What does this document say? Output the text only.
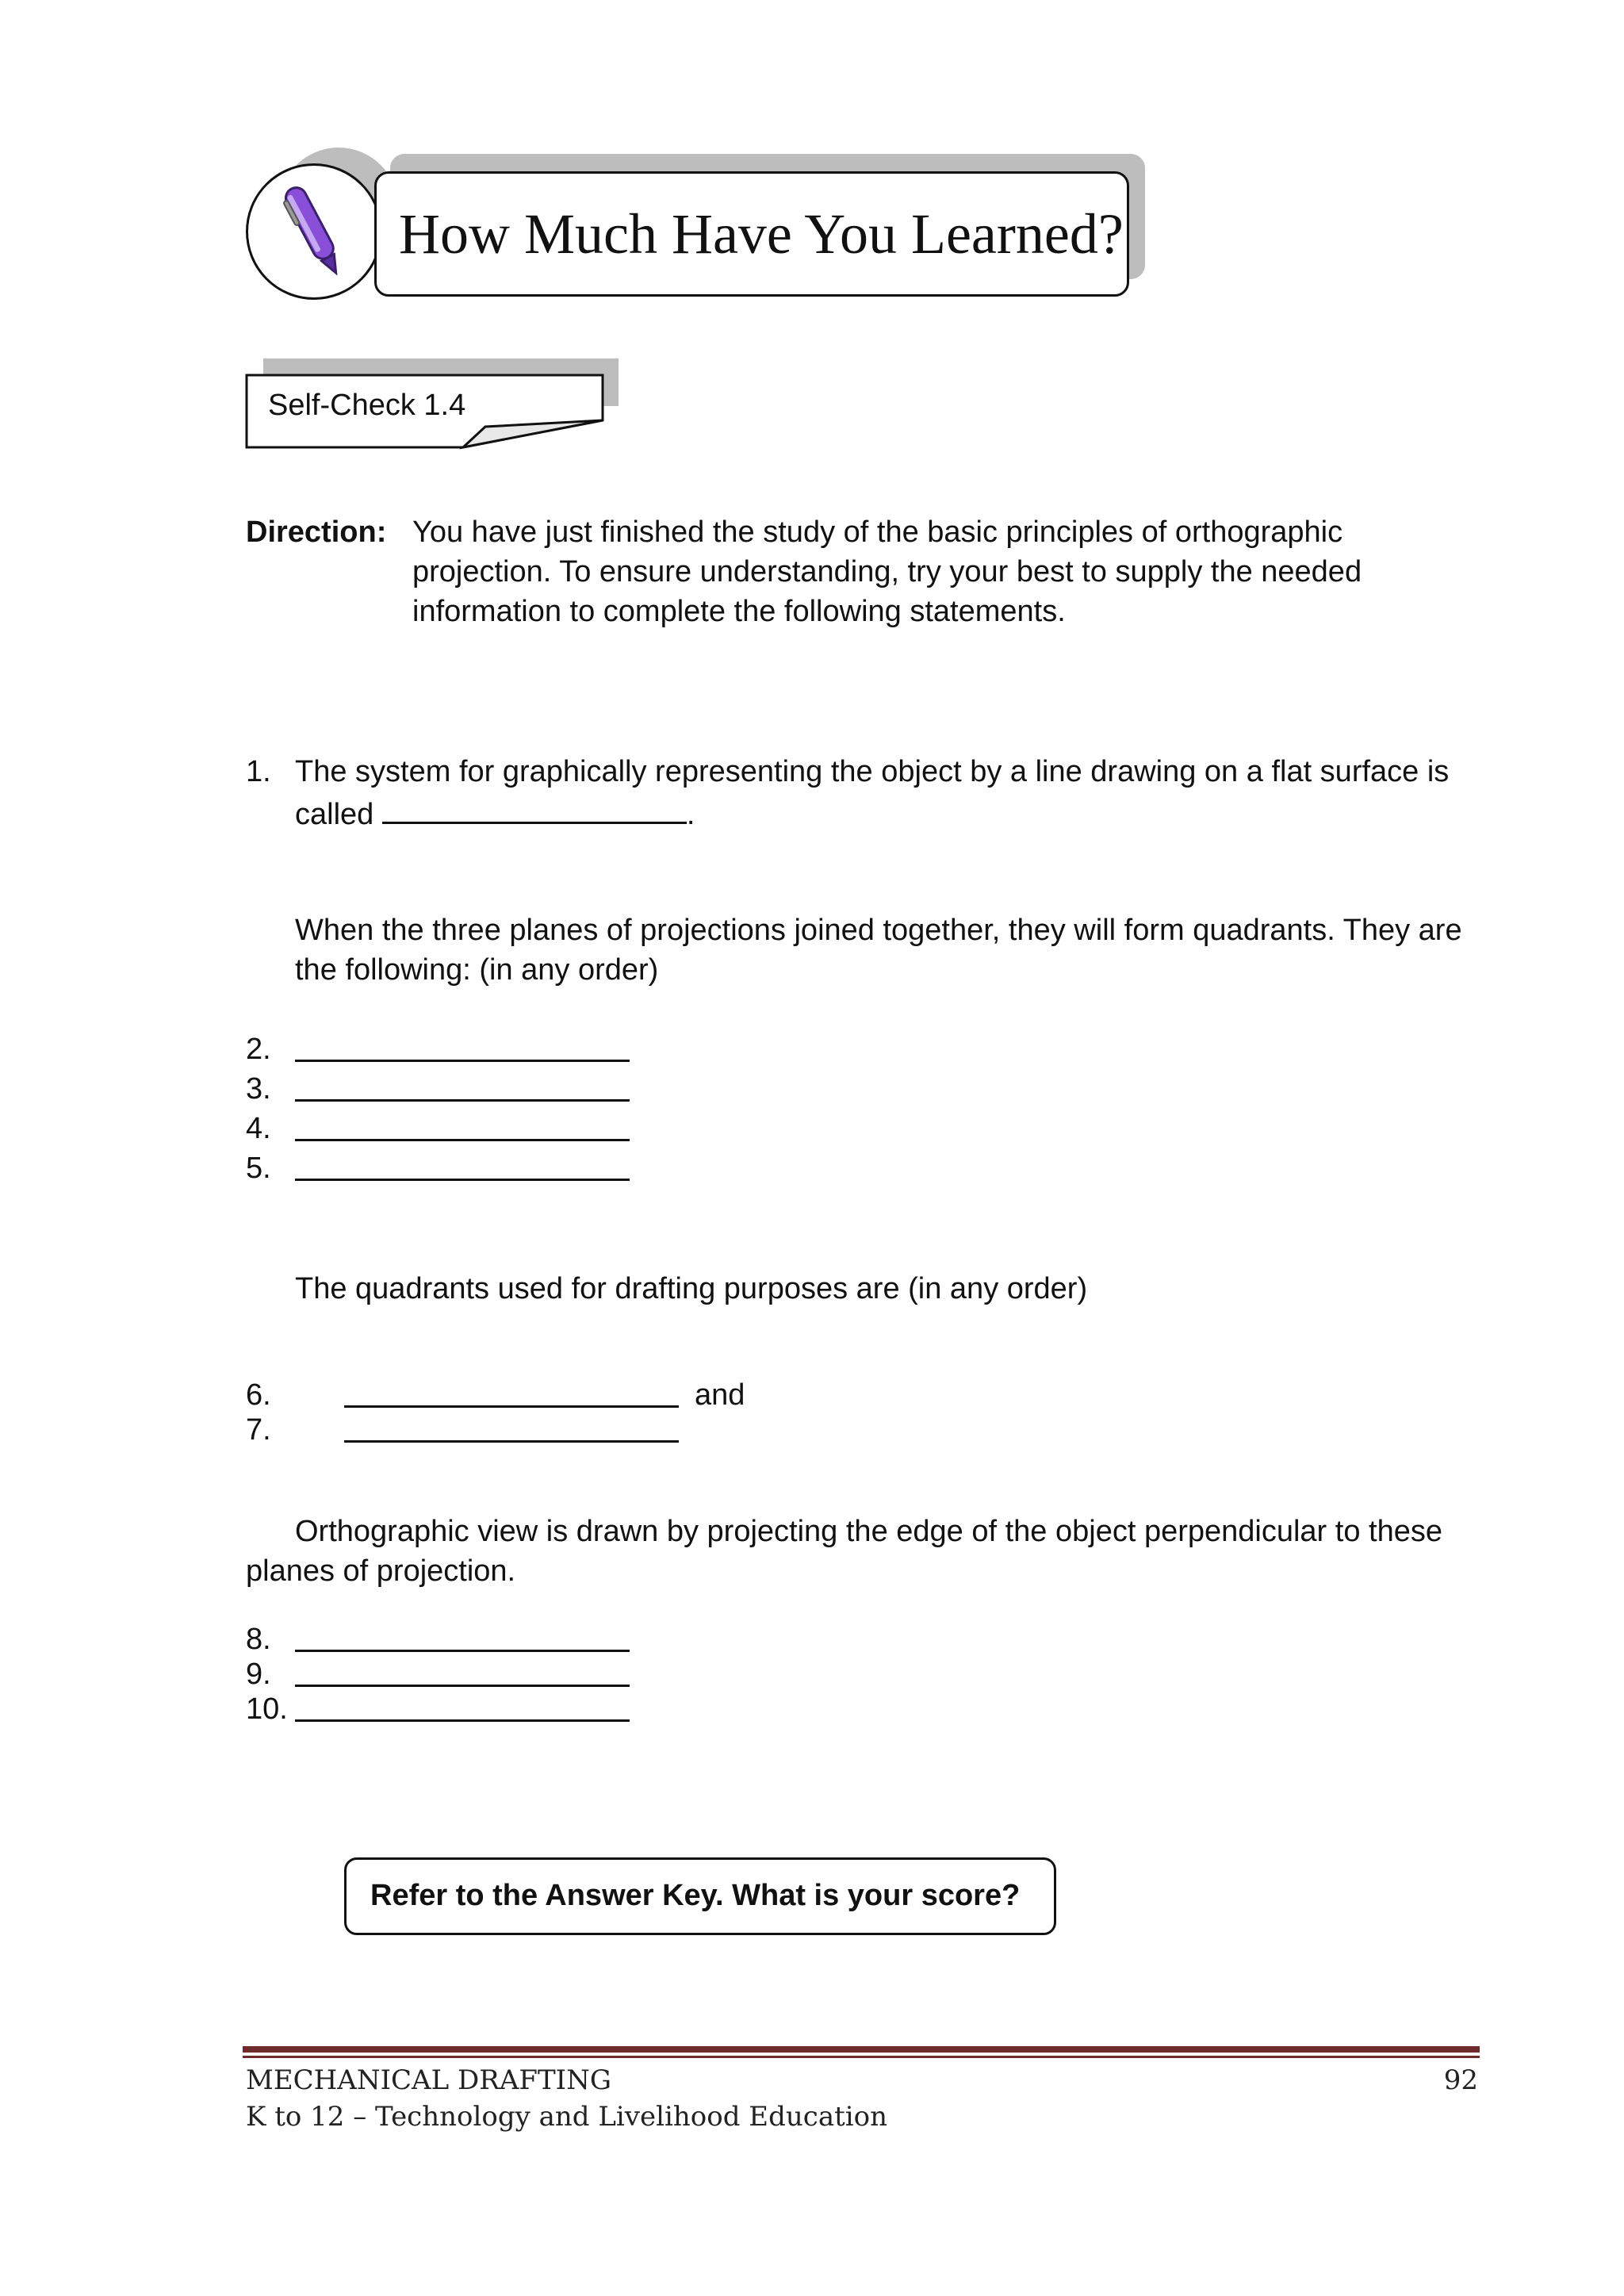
How Much Have You Learned?
Self-Check 1.4
Direction: You have just finished the study of the basic principles of orthographic
projection. To ensure understanding, try your best to supply the needed
information to complete the following statements.
1. The system for graphically representing the object by a line drawing on a flat surface is
called	.
When the three planes of projections joined together, they will form quadrants. They are
the following: (in any order)
2.
3.
4.
5.
The quadrants used for drafting purposes are (in any order)
6.	and
7.
Orthographic view is drawn by projecting the edge of the object perpendicular to these
planes of projection.
8.
9.
10.
Refer to the Answer Key. What is your score?
MECHANICAL DRAFTING
K to 12 – Technology and Livelihood Education
92
